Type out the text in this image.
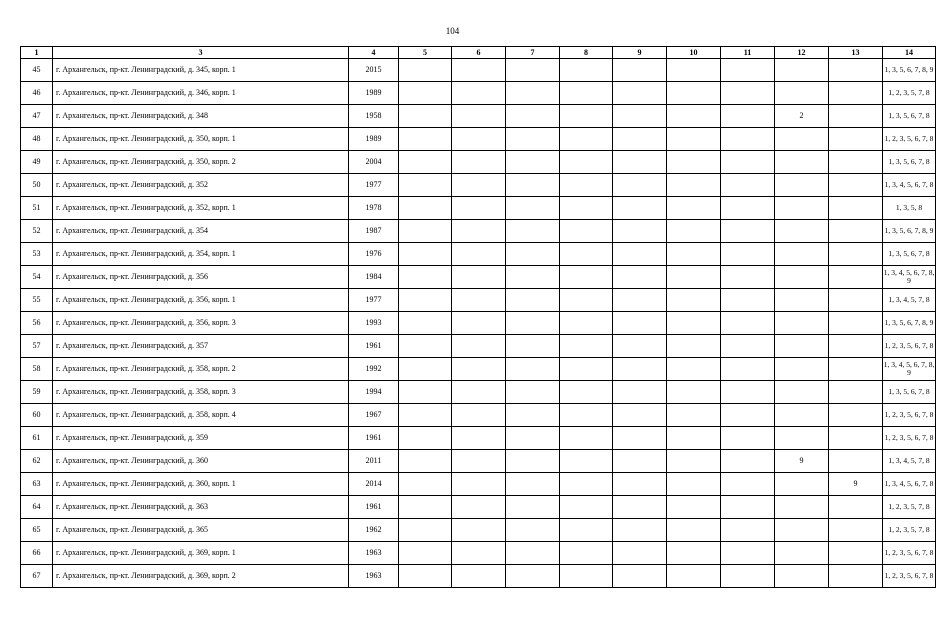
104
1	3	4	5	6	7	8	9	10	11	12	13	14
45	г. Архангельск, пр-кт. Ленинградский, д. 345, корп. 1	2015										1, 3, 5, 6, 7, 8, 9
46	г. Архангельск, пр-кт. Ленинградский, д. 346, корп. 1	1989										1, 2, 3, 5, 7, 8
47	г. Архангельск, пр-кт. Ленинградский, д. 348	1958								2		1, 3, 5, 6, 7, 8
48	г. Архангельск, пр-кт. Ленинградский, д. 350, корп. 1	1989										1, 2, 3, 5, 6, 7, 8
49	г. Архангельск, пр-кт. Ленинградский, д. 350, корп. 2	2004										1, 3, 5, 6, 7, 8
50	г. Архангельск, пр-кт. Ленинградский, д. 352	1977										1, 3, 4, 5, 6, 7, 8
51	г. Архангельск, пр-кт. Ленинградский, д. 352, корп. 1	1978										1, 3, 5, 8
52	г. Архангельск, пр-кт. Ленинградский, д. 354	1987										1, 3, 5, 6, 7, 8, 9
53	г. Архангельск, пр-кт. Ленинградский, д. 354, корп. 1	1976										1, 3, 5, 6, 7, 8
54	г. Архангельск, пр-кт. Ленинградский, д. 356	1984										1, 3, 4, 5, 6, 7, 8, 9
55	г. Архангельск, пр-кт. Ленинградский, д. 356, корп. 1	1977										1, 3, 4, 5, 7, 8
56	г. Архангельск, пр-кт. Ленинградский, д. 356, корп. 3	1993										1, 3, 5, 6, 7, 8, 9
57	г. Архангельск, пр-кт. Ленинградский, д. 357	1961										1, 2, 3, 5, 6, 7, 8
58	г. Архангельск, пр-кт. Ленинградский, д. 358, корп. 2	1992										1, 3, 4, 5, 6, 7, 8, 9
59	г. Архангельск, пр-кт. Ленинградский, д. 358, корп. 3	1994										1, 3, 5, 6, 7, 8
60	г. Архангельск, пр-кт. Ленинградский, д. 358, корп. 4	1967										1, 2, 3, 5, 6, 7, 8
61	г. Архангельск, пр-кт. Ленинградский, д. 359	1961										1, 2, 3, 5, 6, 7, 8
62	г. Архангельск, пр-кт. Ленинградский, д. 360	2011								9		1, 3, 4, 5, 7, 8
63	г. Архангельск, пр-кт. Ленинградский, д. 360, корп. 1	2014									9	1, 3, 4, 5, 6, 7, 8
64	г. Архангельск, пр-кт. Ленинградский, д. 363	1961										1, 2, 3, 5, 7, 8
65	г. Архангельск, пр-кт. Ленинградский, д. 365	1962										1, 2, 3, 5, 7, 8
66	г. Архангельск, пр-кт. Ленинградский, д. 369, корп. 1	1963										1, 2, 3, 5, 6, 7, 8
67	г. Архангельск, пр-кт. Ленинградский, д. 369, корп. 2	1963										1, 2, 3, 5, 6, 7, 8
